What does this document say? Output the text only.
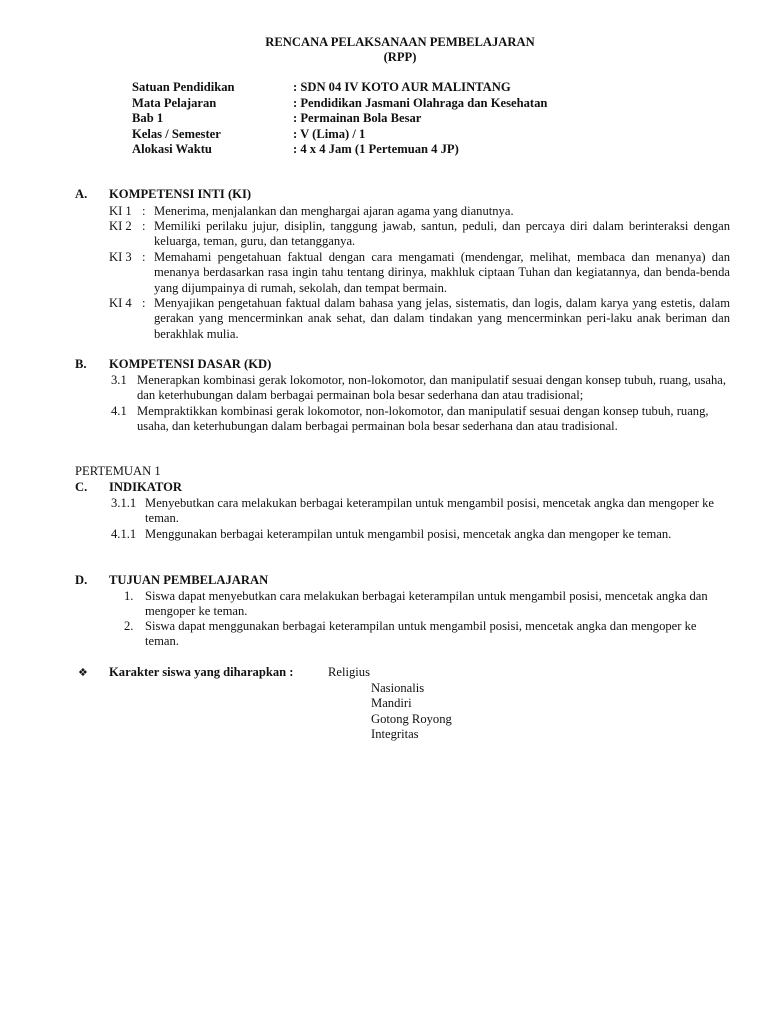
RENCANA PELAKSANAAN PEMBELAJARAN
(RPP)
Satuan Pendidikan	: SDN 04 IV KOTO AUR MALINTANG
Mata Pelajaran	: Pendidikan Jasmani Olahraga dan Kesehatan
Bab 1	: Permainan Bola Besar
Kelas / Semester	: V (Lima) / 1
Alokasi Waktu	: 4 x 4 Jam (1 Pertemuan 4 JP)
A. KOMPETENSI INTI (KI)
KI 1 : Menerima, menjalankan dan menghargai ajaran agama yang dianutnya.
KI 2 : Memiliki perilaku jujur, disiplin, tanggung jawab, santun, peduli, dan percaya diri dalam berinteraksi dengan keluarga, teman, guru, dan tetangganya.
KI 3 : Memahami pengetahuan faktual dengan cara mengamati (mendengar, melihat, membaca dan menanya) dan menanya berdasarkan rasa ingin tahu tentang dirinya, makhluk ciptaan Tuhan dan kegiatannya, dan benda-benda yang dijumpainya di rumah, sekolah, dan tempat bermain.
KI 4 : Menyajikan pengetahuan faktual dalam bahasa yang jelas, sistematis, dan logis, dalam karya yang estetis, dalam gerakan yang mencerminkan anak sehat, dan dalam tindakan yang mencerminkan peri-laku anak beriman dan berakhlak mulia.
B. KOMPETENSI DASAR (KD)
3.1 Menerapkan kombinasi gerak lokomotor, non-lokomotor, dan manipulatif sesuai dengan konsep tubuh, ruang, usaha, dan keterhubungan dalam berbagai permainan bola besar sederhana dan atau tradisional;
4.1 Mempraktikkan kombinasi gerak lokomotor, non-lokomotor, dan manipulatif sesuai dengan konsep tubuh, ruang, usaha, dan keterhubungan dalam berbagai permainan bola besar sederhana dan atau tradisional.
PERTEMUAN 1
C. INDIKATOR
3.1.1 Menyebutkan cara melakukan berbagai keterampilan untuk mengambil posisi, mencetak angka dan mengoper ke teman.
4.1.1 Menggunakan berbagai keterampilan untuk mengambil posisi, mencetak angka dan mengoper ke teman.
D. TUJUAN PEMBELAJARAN
1. Siswa dapat menyebutkan cara melakukan berbagai keterampilan untuk mengambil posisi, mencetak angka dan mengoper ke teman.
2. Siswa dapat menggunakan berbagai keterampilan untuk mengambil posisi, mencetak angka dan mengoper ke teman.
❖ Karakter siswa yang diharapkan :	Religius
Nasionalis
Mandiri
Gotong Royong
Integritas
